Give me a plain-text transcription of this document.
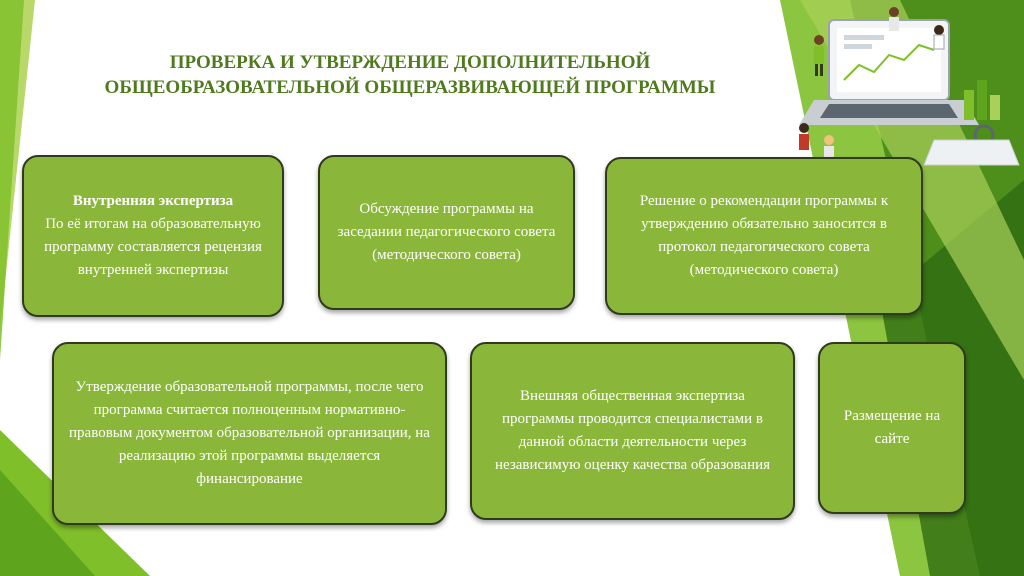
ПРОВЕРКА И УТВЕРЖДЕНИЕ ДОПОЛНИТЕЛЬНОЙ ОБЩЕОБРАЗОВАТЕЛЬНОЙ ОБЩЕРАЗВИВАЮЩЕЙ ПРОГРАММЫ
Внутренняя экспертиза
По её итогам на образовательную программу составляется рецензия внутренней экспертизы
Обсуждение программы на заседании педагогического совета (методического совета)
Решение о рекомендации программы к утверждению обязательно заносится в протокол педагогического совета (методического совета)
Утверждение образовательной программы, после чего программа считается полноценным нормативно-правовым документом образовательной организации, на реализацию этой программы выделяется финансирование
Внешняя общественная экспертиза программы проводится специалистами в данной области деятельности через независимую оценку качества образования
Размещение на сайте
